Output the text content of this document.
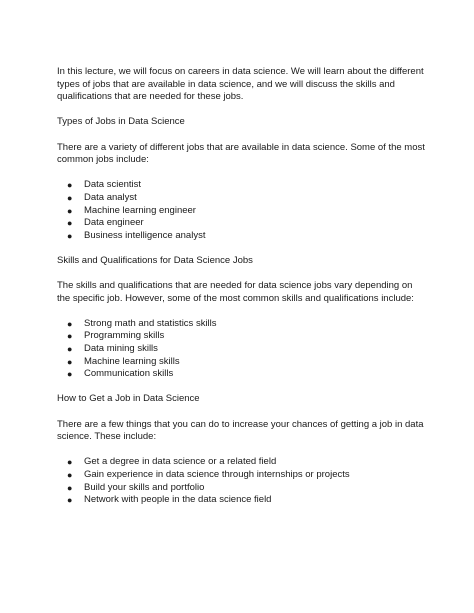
In this lecture, we will focus on careers in data science. We will learn about the different types of jobs that are available in data science, and we will discuss the skills and qualifications that are needed for these jobs.

Types of Jobs in Data Science

There are a variety of different jobs that are available in data science. Some of the most common jobs include:

●	Data scientist
●	Data analyst
●	Machine learning engineer
●	Data engineer
●	Business intelligence analyst

Skills and Qualifications for Data Science Jobs

The skills and qualifications that are needed for data science jobs vary depending on the specific job. However, some of the most common skills and qualifications include:

●	Strong math and statistics skills
●	Programming skills
●	Data mining skills
●	Machine learning skills
●	Communication skills

How to Get a Job in Data Science

There are a few things that you can do to increase your chances of getting a job in data science. These include:

●	Get a degree in data science or a related field
●	Gain experience in data science through internships or projects
●	Build your skills and portfolio
●	Network with people in the data science field
